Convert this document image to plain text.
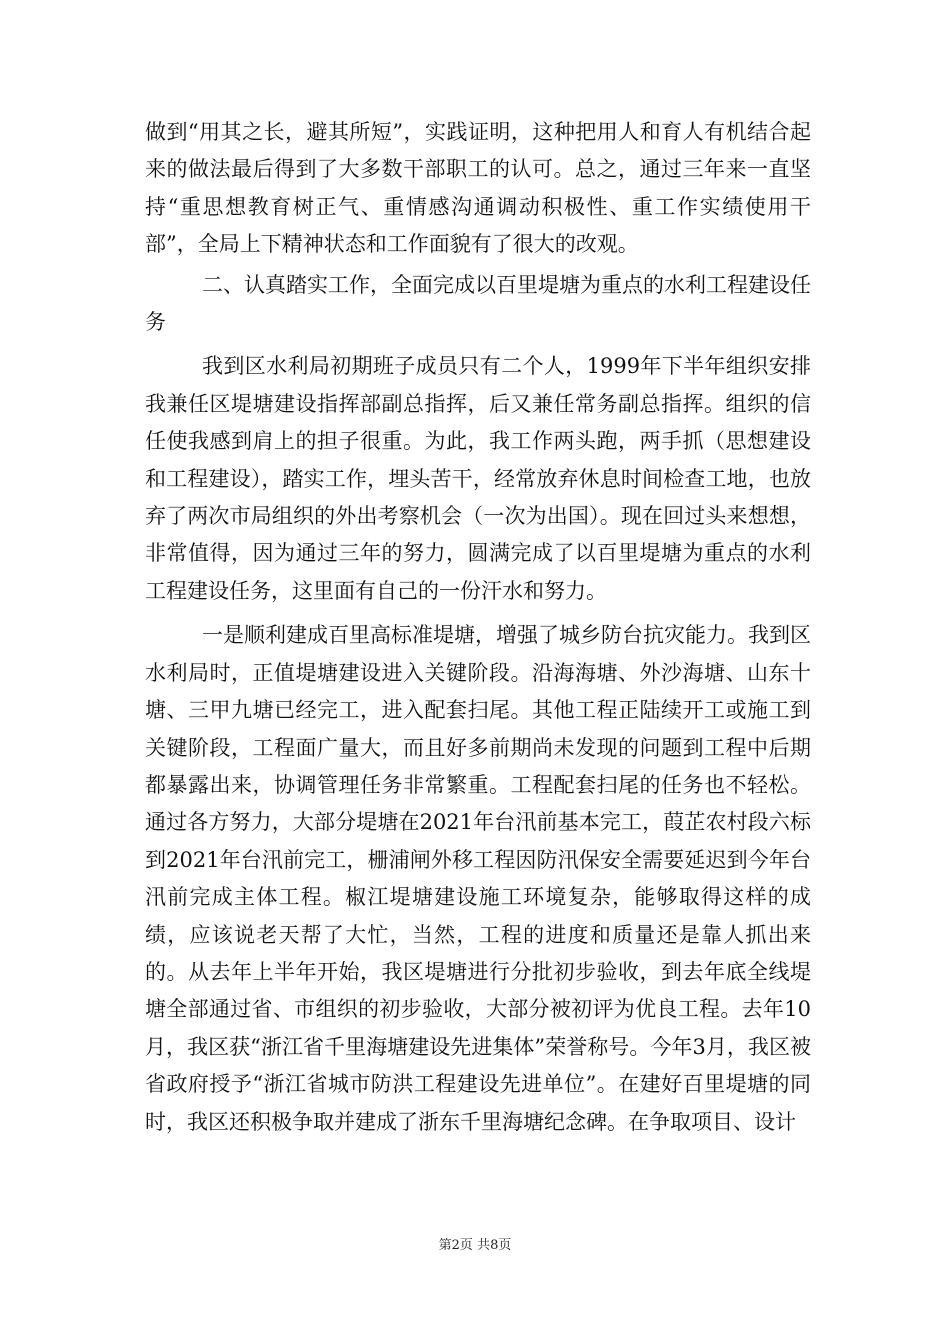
做到“用其之长，避其所短”，实践证明，这种把用人和育人有机结合起来的做法最后得到了大多数干部职工的认可。总之，通过三年来一直坚持“重思想教育树正气、重情感沟通调动积极性、重工作实绩使用干部”，全局上下精神状态和工作面貌有了很大的改观。

二、认真踏实工作，全面完成以百里堤塘为重点的水利工程建设任务

我到区水利局初期班子成员只有二个人，1999年下半年组织安排我兼任区堤塘建设指挥部副总指挥，后又兼任常务副总指挥。组织的信任使我感到肩上的担子很重。为此，我工作两头跑，两手抓（思想建设和工程建设），踏实工作，埋头苦干，经常放弃休息时间检查工地，也放弃了两次市局组织的外出考察机会（一次为出国）。现在回过头来想想，非常值得，因为通过三年的努力，圆满完成了以百里堤塘为重点的水利工程建设任务，这里面有自己的一份汗水和努力。

一是顺利建成百里高标准堤塘，增强了城乡防台抗灾能力。我到区水利局时，正值堤塘建设进入关键阶段。沿海海塘、外沙海塘、山东十塘、三甲九塘已经完工，进入配套扫尾。其他工程正陆续开工或施工到关键阶段，工程面广量大，而且好多前期尚未发现的问题到工程中后期都暴露出来，协调管理任务非常繁重。工程配套扫尾的任务也不轻松。通过各方努力，大部分堤塘在2021年台汛前基本完工，葭芷农村段六标到2021年台汛前完工，栅浦闸外移工程因防汛保安全需要延迟到今年台汛前完成主体工程。椒江堤塘建设施工环境复杂，能够取得这样的成绩，应该说老天帮了大忙，当然，工程的进度和质量还是靠人抓出来的。从去年上半年开始，我区堤塘进行分批初步验收，到去年底全线堤塘全部通过省、市组织的初步验收，大部分被初评为优良工程。去年10月，我区获“浙江省千里海塘建设先进集体”荣誉称号。今年3月，我区被省政府授予“浙江省城市防洪工程建设先进单位”。在建好百里堤塘的同时，我区还积极争取并建成了浙东千里海塘纪念碑。在争取项目、设计

第2页 共8页
